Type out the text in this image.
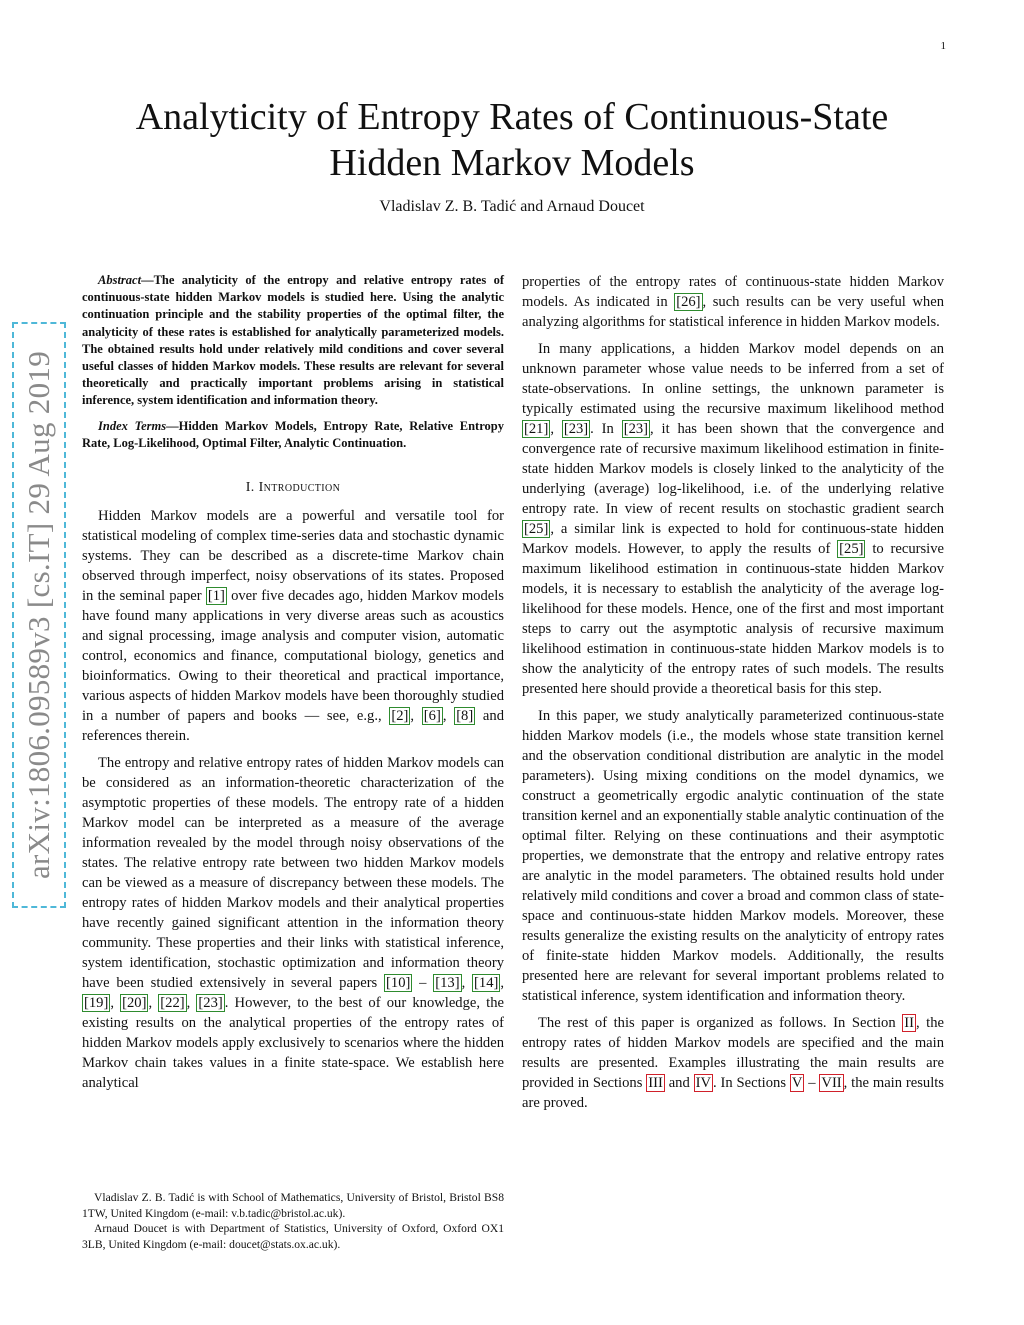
1
arXiv:1806.09589v3 [cs.IT] 29 Aug 2019
Analyticity of Entropy Rates of Continuous-State
Hidden Markov Models
Vladislav Z. B. Tadić and Arnaud Doucet

Abstract—The analyticity of the entropy and relative entropy rates of continuous-state hidden Markov models is studied here. Using the analytic continuation principle and the stability properties of the optimal filter, the analyticity of these rates is established for analytically parameterized models. The obtained results hold under relatively mild conditions and cover several useful classes of hidden Markov models. These results are relevant for several theoretically and practically important problems arising in statistical inference, system identification and information theory.

Index Terms—Hidden Markov Models, Entropy Rate, Relative Entropy Rate, Log-Likelihood, Optimal Filter, Analytic Continuation.

I. Introduction

Hidden Markov models are a powerful and versatile tool for statistical modeling of complex time-series data and stochastic dynamic systems. They can be described as a discrete-time Markov chain observed through imperfect, noisy observations of its states. Proposed in the seminal paper [1] over five decades ago, hidden Markov models have found many applications in very diverse areas such as acoustics and signal processing, image analysis and computer vision, automatic control, economics and finance, computational biology, genetics and bioinformatics. Owing to their theoretical and practical importance, various aspects of hidden Markov models have been thoroughly studied in a number of papers and books — see, e.g., [2] , [6] , [8] and references therein.

The entropy and relative entropy rates of hidden Markov models can be considered as an information-theoretic characterization of the asymptotic properties of these models. The entropy rate of a hidden Markov model can be interpreted as a measure of the average information revealed by the model through noisy observations of the states. The relative entropy rate between two hidden Markov models can be viewed as a measure of discrepancy between these models. The entropy rates of hidden Markov models and their analytical properties have recently gained significant attention in the information theory community. These properties and their links with statistical inference, system identification, stochastic optimization and information theory have been studied extensively in several papers [10] – [13] , [14] , [19] , [20] , [22] , [23] . However, to the best of our knowledge, the existing results on the analytical properties of the entropy rates of hidden Markov models apply exclusively to scenarios where the hidden Markov chain takes values in a finite state-space. We establish here analytical

Vladislav Z. B. Tadić is with School of Mathematics, University of Bristol, Bristol BS8 1TW, United Kingdom (e-mail: v.b.tadic@bristol.ac.uk).

Arnaud Doucet is with Department of Statistics, University of Oxford, Oxford OX1 3LB, United Kingdom (e-mail: doucet@stats.ox.ac.uk).

properties of the entropy rates of continuous-state hidden Markov models. As indicated in [26] , such results can be very useful when analyzing algorithms for statistical inference in hidden Markov models.

In many applications, a hidden Markov model depends on an unknown parameter whose value needs to be inferred from a set of state-observations. In online settings, the unknown parameter is typically estimated using the recursive maximum likelihood method [21] , [23] . In [23] , it has been shown that the convergence and convergence rate of recursive maximum likelihood estimation in finite-state hidden Markov models is closely linked to the analyticity of the underlying (average) log-likelihood, i.e. of the underlying relative entropy rate. In view of recent results on stochastic gradient search [25] , a similar link is expected to hold for continuous-state hidden Markov models. However, to apply the results of [25] to recursive maximum likelihood estimation in continuous-state hidden Markov models, it is necessary to establish the analyticity of the average log-likelihood for these models. Hence, one of the first and most important steps to carry out the asymptotic analysis of recursive maximum likelihood estimation in continuous-state hidden Markov models is to show the analyticity of the entropy rates of such models. The results presented here should provide a theoretical basis for this step.

In this paper, we study analytically parameterized continuous-state hidden Markov models (i.e., the models whose state transition kernel and the observation conditional distribution are analytic in the model parameters). Using mixing conditions on the model dynamics, we construct a geometrically ergodic analytic continuation of the state transition kernel and an exponentially stable analytic continuation of the optimal filter. Relying on these continuations and their asymptotic properties, we demonstrate that the entropy and relative entropy rates are analytic in the model parameters. The obtained results hold under relatively mild conditions and cover a broad and common class of state-space and continuous-state hidden Markov models. Moreover, these results generalize the existing results on the analyticity of entropy rates of finite-state hidden Markov models. Additionally, the results presented here are relevant for several important problems related to statistical inference, system identification and information theory.

The rest of this paper is organized as follows. In Section II , the entropy rates of hidden Markov models are specified and the main results are presented. Examples illustrating the main results are provided in Sections III and IV . In Sections V – VII , the main results are proved.
